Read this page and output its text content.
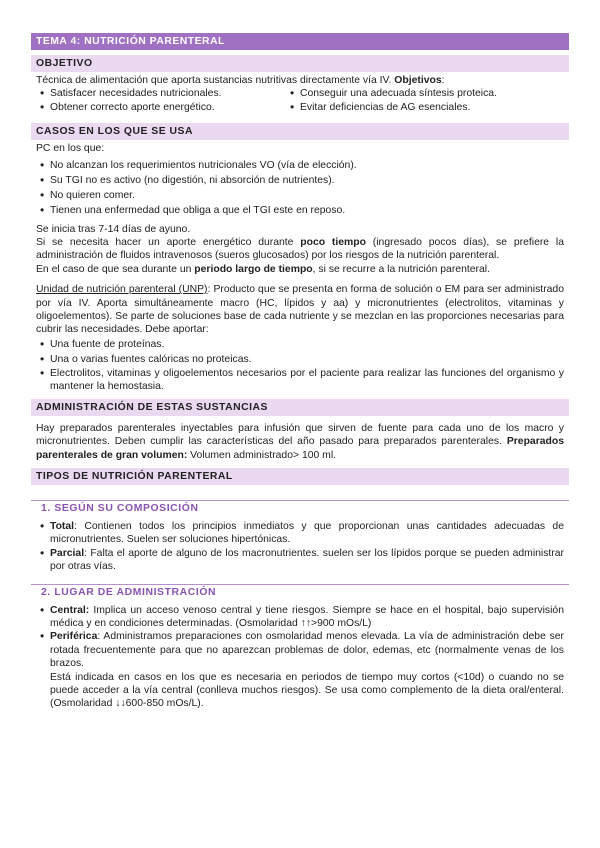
TEMA 4: NUTRICIÓN PARENTERAL
OBJETIVO

Técnica de alimentación que aporta sustancias nutritivas directamente vía IV. Objetivos:

• Satisfacer necesidades nutricionales.
• Obtener correcto aporte energético.
• Conseguir una adecuada síntesis proteica.
• Evitar deficiencias de AG esenciales.
CASOS EN LOS QUE SE USA

PC en los que:

• No alcanzan los requerimientos nutricionales VO (vía de elección).
• Su TGI no es activo (no digestión, ni absorción de nutrientes).
• No quieren comer.
• Tienen una enfermedad que obliga a que el TGI este en reposo.

Se inicia tras 7-14 días de ayuno.

Si se necesita hacer un aporte energético durante poco tiempo (ingresado pocos días), se prefiere la administración de fluidos intravenosos (sueros glucosados) por los riesgos de la nutrición parenteral.

En el caso de que sea durante un periodo largo de tiempo, si se recurre a la nutrición parenteral.

Unidad de nutrición parenteral (UNP): Producto que se presenta en forma de solución o EM para ser administrado por vía IV. Aporta simultáneamente macro (HC, lípidos y aa) y micronutrientes (electrolitos, vitaminas y oligoelementos). Se parte de soluciones base de cada nutriente y se mezclan en las proporciones necesarias para cubrir las necesidades. Debe aportar:

• Una fuente de proteínas.
• Una o varias fuentes calóricas no proteicas.
• Electrolitos, vitaminas y oligoelementos necesarios por el paciente para realizar las funciones del organismo y mantener la hemostasia.
ADMINISTRACIÓN DE ESTAS SUSTANCIAS

Hay preparados parenterales inyectables para infusión que sirven de fuente para cada uno de los macro y micronutrientes. Deben cumplir las características del año pasado para preparados parenterales. Preparados parenterales de gran volumen: Volumen administrado> 100 ml.

TIPOS DE NUTRICIÓN PARENTERAL
1. SEGÚN SU COMPOSICIÓN
• Total: Contienen todos los principios inmediatos y que proporcionan unas cantidades adecuadas de micronutrientes. Suelen ser soluciones hipertónicas.
• Parcial: Falta el aporte de alguno de los macronutrientes. suelen ser los lípidos porque se pueden administrar por otras vías.
2. LUGAR DE ADMINISTRACIÓN
• Central: Implica un acceso venoso central y tiene riesgos. Siempre se hace en el hospital, bajo supervisión médica y en condiciones determinadas. (Osmolaridad ↑↑>900 mOs/L)
• Periférica: Administramos preparaciones con osmolaridad menos elevada. La vía de administración debe ser rotada frecuentemente para que no aparezcan problemas de dolor, edemas, etc (normalmente venas de los brazos.

Está indicada en casos en los que es necesaria en periodos de tiempo muy cortos (<10d) o cuando no se puede acceder a la vía central (conlleva muchos riesgos). Se usa como complemento de la dieta oral/enteral. (Osmolaridad ↓↓600-850 mOs/L).
